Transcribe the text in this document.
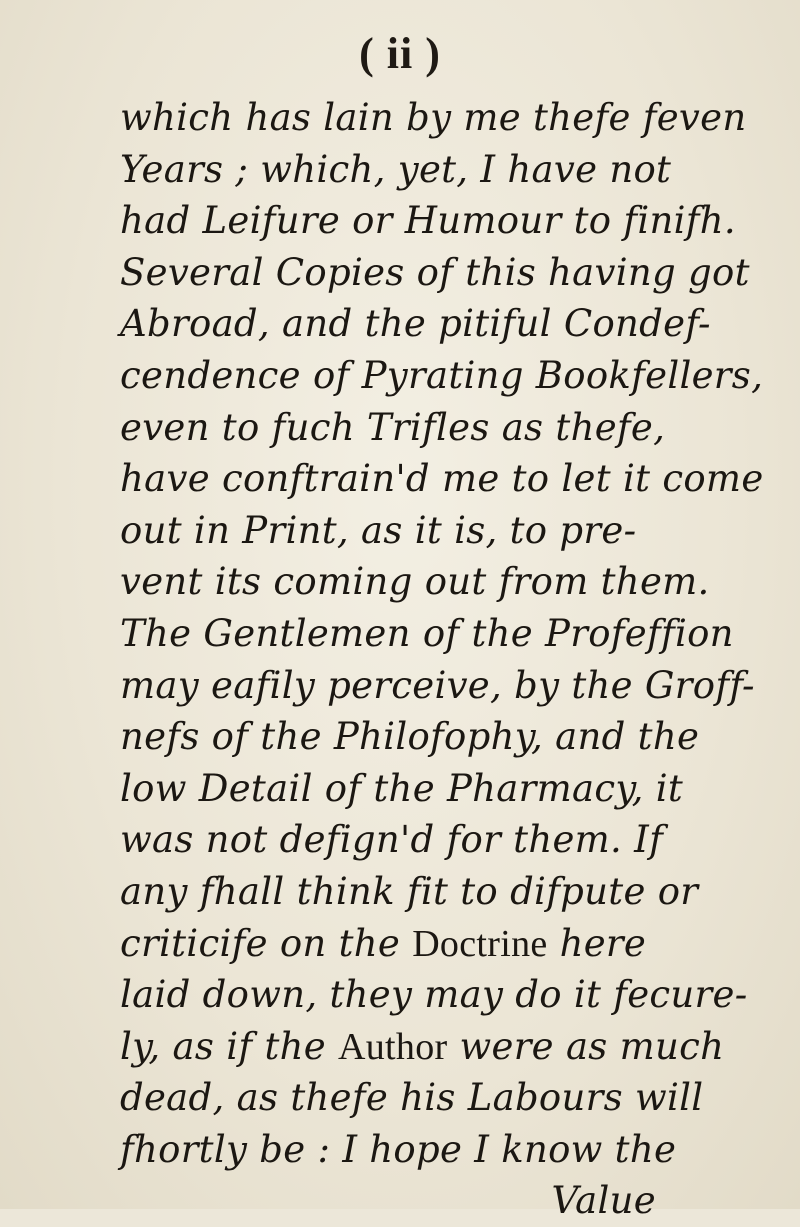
( ii )
which has lain by me thefe feven
Years ; which, yet, I have not
had Leifure or Humour to finifh.
Several Copies of this having got
Abroad, and the pitiful Condef-
cendence of Pyrating Bookfellers,
even to fuch Trifles as thefe,
have conftrain'd me to let it come
out in Print, as it is, to pre-
vent its coming out from them.
The Gentlemen of the Profeffion
may eafily perceive, by the Groff-
nefs of the Philofophy, and the
low Detail of the Pharmacy, it
was not defign'd for them. If
any fhall think fit to difpute or
criticife on the Doctrine here
laid down, they may do it fecure-
ly, as if the Author were as much
dead, as thefe his Labours will
fhortly be : I hope I know the
Value
